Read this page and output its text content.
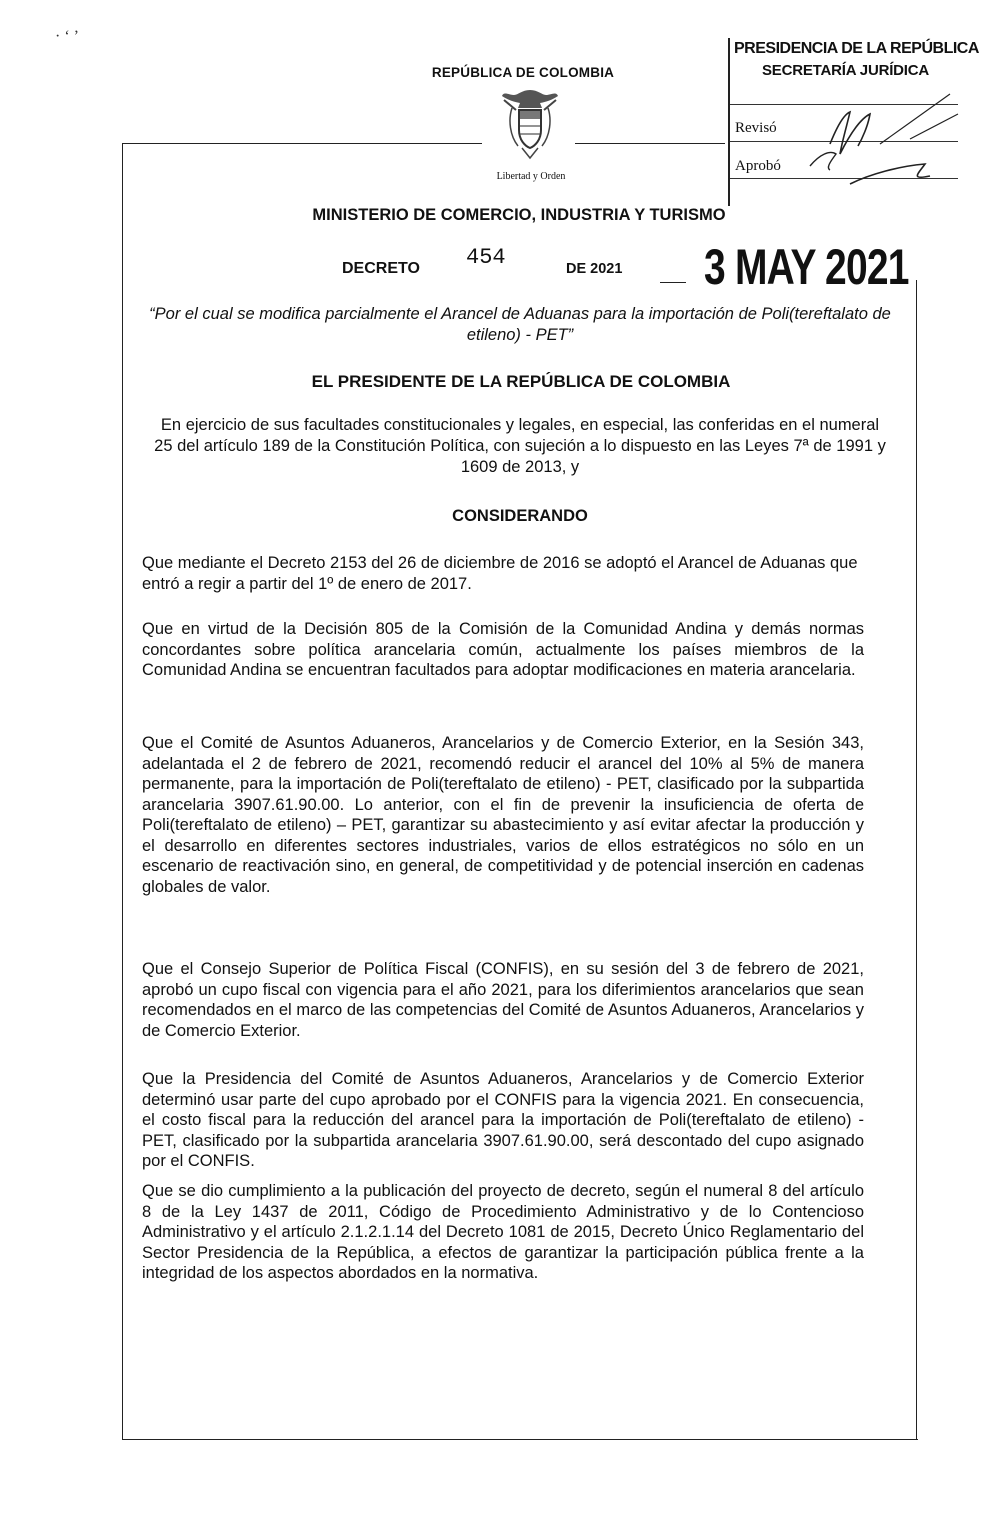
· ʻ ʼ
REPÚBLICA DE COLOMBIA
Libertad y Orden
PRESIDENCIA DE LA REPÚBLICA
SECRETARÍA JURÍDICA
Revisó
Aprobó
MINISTERIO DE COMERCIO, INDUSTRIA Y TURISMO
DECRETO 454	DE 2021 3 MAY 2021
“Por el cual se modifica parcialmente el Arancel de Aduanas para la importación de Poli(tereftalato de etileno) - PET”
EL PRESIDENTE DE LA REPÚBLICA DE COLOMBIA
En ejercicio de sus facultades constitucionales y legales, en especial, las conferidas en el numeral 25 del artículo 189 de la Constitución Política, con sujeción a lo dispuesto en las Leyes 7ª de 1991 y 1609 de 2013, y
CONSIDERANDO
Que mediante el Decreto 2153 del 26 de diciembre de 2016 se adoptó el Arancel de Aduanas que entró a regir a partir del 1º de enero de 2017.
Que en virtud de la Decisión 805 de la Comisión de la Comunidad Andina y demás normas concordantes sobre política arancelaria común, actualmente los países miembros de la Comunidad Andina se encuentran facultados para adoptar modificaciones en materia arancelaria.
Que el Comité de Asuntos Aduaneros, Arancelarios y de Comercio Exterior, en la Sesión 343, adelantada el 2 de febrero de 2021, recomendó reducir el arancel del 10% al 5% de manera permanente, para la importación de Poli(tereftalato de etileno) - PET, clasificado por la subpartida arancelaria 3907.61.90.00. Lo anterior, con el fin de prevenir la insuficiencia de oferta de Poli(tereftalato de etileno) – PET, garantizar su abastecimiento y así evitar afectar la producción y el desarrollo en diferentes sectores industriales, varios de ellos estratégicos no sólo en un escenario de reactivación sino, en general, de competitividad y de potencial inserción en cadenas globales de valor.
Que el Consejo Superior de Política Fiscal (CONFIS), en su sesión del 3 de febrero de 2021, aprobó un cupo fiscal con vigencia para el año 2021, para los diferimientos arancelarios que sean recomendados en el marco de las competencias del Comité de Asuntos Aduaneros, Arancelarios y de Comercio Exterior.
Que la Presidencia del Comité de Asuntos Aduaneros, Arancelarios y de Comercio Exterior determinó usar parte del cupo aprobado por el CONFIS para la vigencia 2021. En consecuencia, el costo fiscal para la reducción del arancel para la importación de Poli(tereftalato de etileno) - PET, clasificado por la subpartida arancelaria 3907.61.90.00, será descontado del cupo asignado por el CONFIS.
Que se dio cumplimiento a la publicación del proyecto de decreto, según el numeral 8 del artículo 8 de la Ley 1437 de 2011, Código de Procedimiento Administrativo y de lo Contencioso Administrativo y el artículo 2.1.2.1.14 del Decreto 1081 de 2015, Decreto Único Reglamentario del Sector Presidencia de la República, a efectos de garantizar la participación pública frente a la integridad de los aspectos abordados en la normativa.
